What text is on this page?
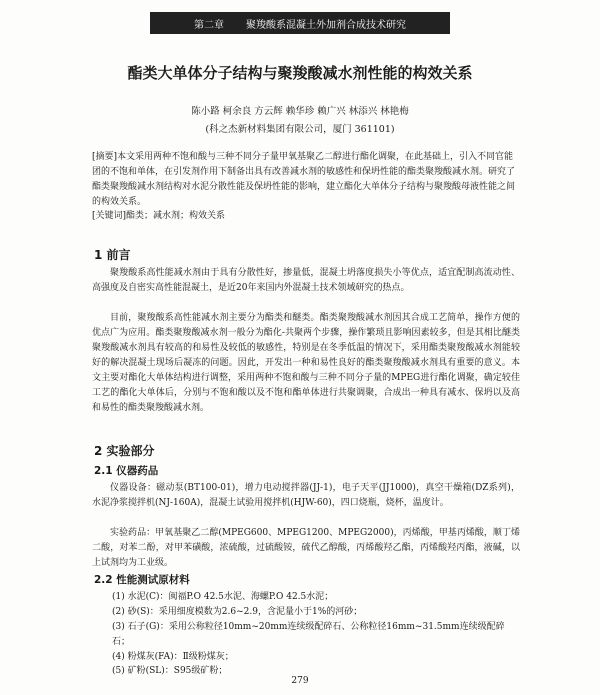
第二章 聚羧酸系混凝土外加剂合成技术研究
酯类大单体分子结构与聚羧酸减水剂性能的构效关系
陈小路 柯余良 方云辉 赖华珍 赖广兴 林添兴 林艳梅
(科之杰新材料集团有限公司，厦门 361101)
[摘要]本文采用两种不饱和酸与三种不同分子量甲氧基聚乙二醇进行酯化调聚，在此基础上，引入不同官能团的不饱和单体，在引发剂作用下制备出具有改善减水剂的敏感性和保坍性能的酯类聚羧酸减水剂。研究了酯类聚羧酸减水剂结构对水泥分散性能及保坍性能的影响，建立酯化大单体分子结构与聚羧酸母液性能之间的构效关系。
[关键词]酯类；减水剂；构效关系
1 前言
聚羧酸系高性能减水剂由于具有分散性好，掺量低，混凝土坍落度损失小等优点，适宜配制高流动性、高强度及自密实高性能混凝土，是近20年来国内外混凝土技术领域研究的热点。
目前，聚羧酸系高性能减水剂主要分为酯类和醚类。酯类聚羧酸减水剂因其合成工艺简单，操作方便的优点广为应用。酯类聚羧酸减水剂一般分为酯化-共聚两个步骤，操作繁琐且影响因素较多，但是其相比醚类聚羧酸减水剂具有较高的和易性及较低的敏感性，特别是在冬季低温的情况下，采用酯类聚羧酸减水剂能较好的解决混凝土现场后凝冻的问题。因此，开发出一种和易性良好的酯类聚羧酸减水剂具有重要的意义。本文主要对酯化大单体结构进行调整，采用两种不饱和酸与三种不同分子量的MPEG进行酯化调聚，确定较佳工艺的酯化大单体后，分别与不饱和酸以及不饱和酯单体进行共聚调聚，合成出一种具有减水、保坍以及高和易性的酯类聚羧酸减水剂。
2 实验部分
2.1 仪器药品
仪器设备：磁动泵(BT100-01)，增力电动搅拌器(JJ-1)，电子天平(JJ1000)，真空干燥箱(DZ系列)，水泥净浆搅拌机(NJ-160A)，混凝土试验用搅拌机(HJW-60)，四口烧瓶，烧杯，温度计。
实验药品：甲氧基聚乙二醇(MPEG600、MPEG1200、MPEG2000)，丙烯酸，甲基丙烯酸，顺丁烯二酸，对苯二酚，对甲苯磺酸，浓硫酸，过硫酸铵，硫代乙醇酸，丙烯酸羟乙酯，丙烯酸羟丙酯，液碱，以上试剂均为工业级。
2.2 性能测试原材料
(1) 水泥(C)：闽福P.O 42.5水泥、海螺P.O 42.5水泥；
(2) 砂(S)：采用细度模数为2.6~2.9，含泥量小于1%的河砂；
(3) 石子(G)：采用公称粒径10mm~20mm连续级配碎石、公称粒径16mm~31.5mm连续级配碎石；
(4) 粉煤灰(FA)：Ⅱ级粉煤灰；
(5) 矿粉(SL)：S95级矿粉；
279
